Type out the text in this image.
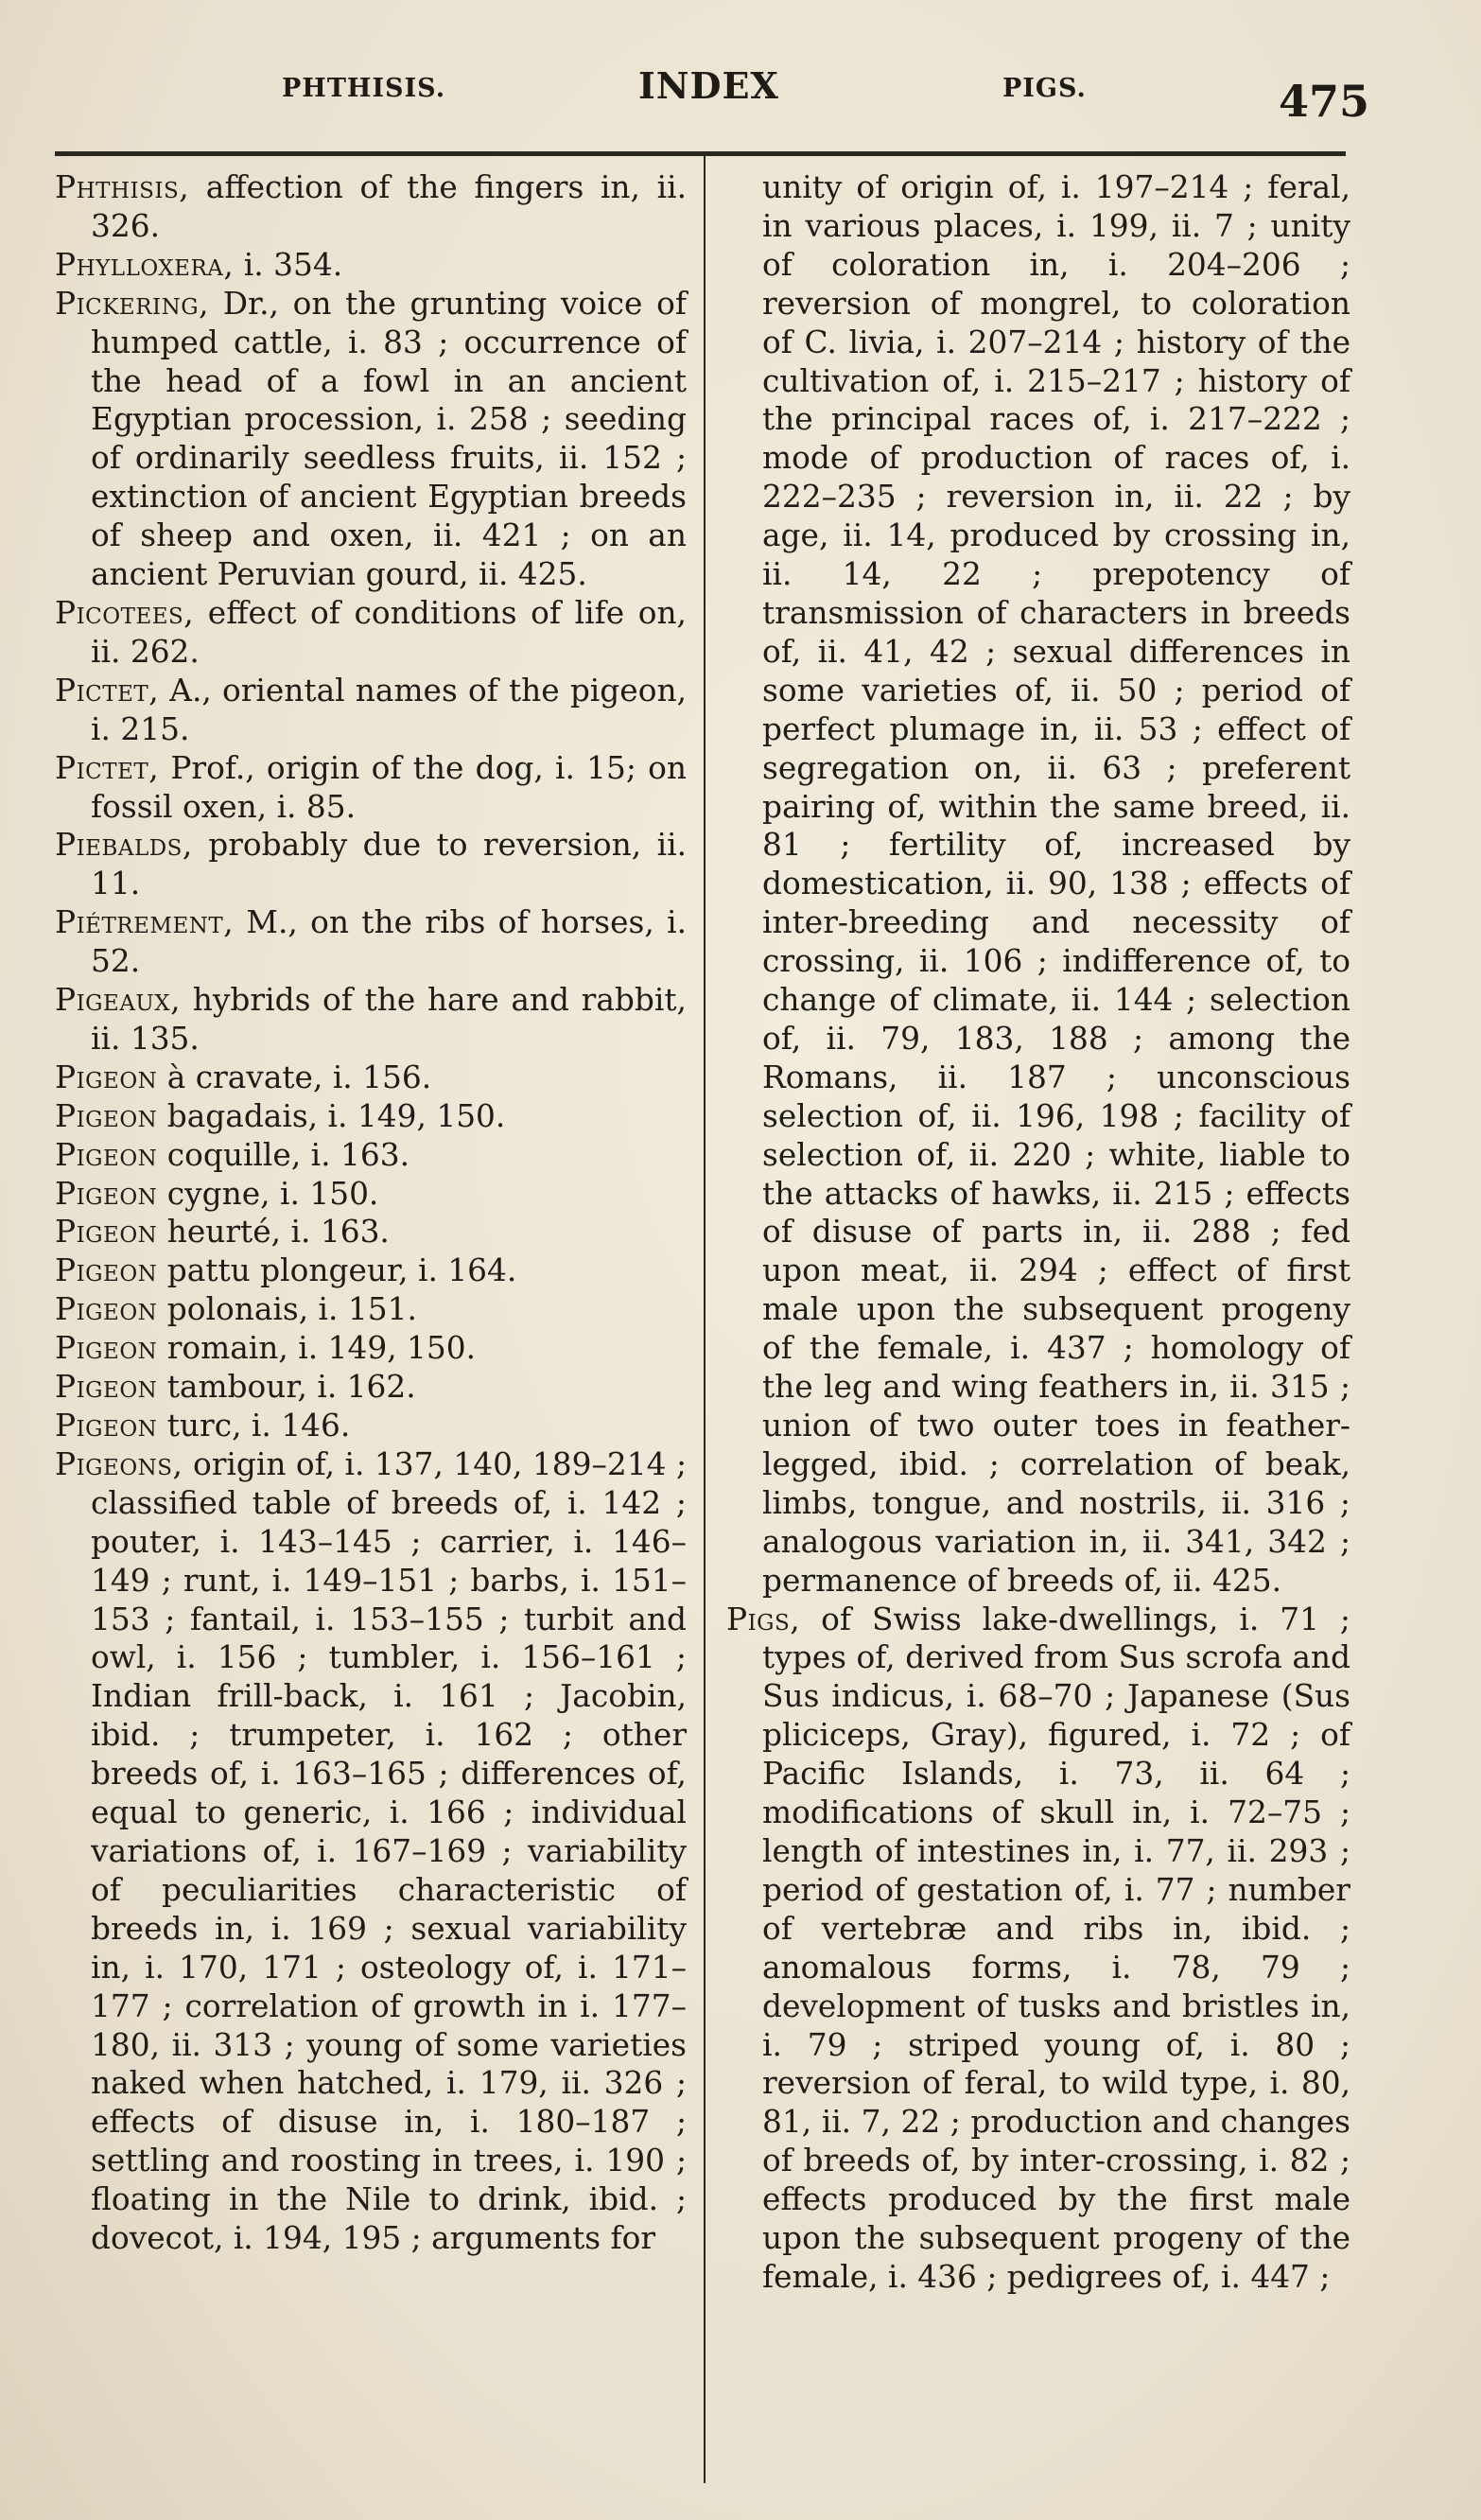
PHTHISIS.	INDEX	PIGS.	475

Phthisis, affection of the fingers in, ii. 326.

Phylloxera, i. 354.

Pickering, Dr., on the grunting voice of humped cattle, i. 83 ; occurrence of the head of a fowl in an ancient Egyptian procession, i. 258 ; seeding of ordinarily seedless fruits, ii. 152 ; extinction of ancient Egyptian breeds of sheep and oxen, ii. 421 ; on an ancient Peruvian gourd, ii. 425.

Picotees, effect of conditions of life on, ii. 262.

Pictet, A., oriental names of the pigeon, i. 215.

Pictet, Prof., origin of the dog, i. 15; on fossil oxen, i. 85.

Piebalds, probably due to reversion, ii. 11.

Piétrement, M., on the ribs of horses, i. 52.

Pigeaux, hybrids of the hare and rabbit, ii. 135.

Pigeon à cravate, i. 156.

Pigeon bagadais, i. 149, 150.

Pigeon coquille, i. 163.

Pigeon cygne, i. 150.

Pigeon heurté, i. 163.

Pigeon pattu plongeur, i. 164.

Pigeon polonais, i. 151.

Pigeon romain, i. 149, 150.

Pigeon tambour, i. 162.

Pigeon turc, i. 146.

Pigeons, origin of, i. 137, 140, 189–214 ; classified table of breeds of, i. 142 ; pouter, i. 143–145 ; carrier, i. 146–149 ; runt, i. 149–151 ; barbs, i. 151–153 ; fantail, i. 153–155 ; turbit and owl, i. 156 ; tumbler, i. 156–161 ; Indian frill-back, i. 161 ; Jacobin, ibid. ; trumpeter, i. 162 ; other breeds of, i. 163–165 ; differences of, equal to generic, i. 166 ; individual variations of, i. 167–169 ; variability of peculiarities characteristic of breeds in, i. 169 ; sexual variability in, i. 170, 171 ; osteology of, i. 171–177 ; correlation of growth in i. 177–180, ii. 313 ; young of some varieties naked when hatched, i. 179, ii. 326 ; effects of disuse in, i. 180–187 ; settling and roosting in trees, i. 190 ; floating in the Nile to drink, ibid. ; dovecot, i. 194, 195 ; arguments for

unity of origin of, i. 197–214 ; feral, in various places, i. 199, ii. 7 ; unity of coloration in, i. 204–206 ; reversion of mongrel, to coloration of C. livia, i. 207–214 ; history of the cultivation of, i. 215–217 ; history of the principal races of, i. 217–222 ; mode of production of races of, i. 222–235 ; reversion in, ii. 22 ; by age, ii. 14, produced by crossing in, ii. 14, 22 ; prepotency of transmission of characters in breeds of, ii. 41, 42 ; sexual differences in some varieties of, ii. 50 ; period of perfect plumage in, ii. 53 ; effect of segregation on, ii. 63 ; preferent pairing of, within the same breed, ii. 81 ; fertility of, increased by domestication, ii. 90, 138 ; effects of inter-breeding and necessity of crossing, ii. 106 ; indifference of, to change of climate, ii. 144 ; selection of, ii. 79, 183, 188 ; among the Romans, ii. 187 ; unconscious selection of, ii. 196, 198 ; facility of selection of, ii. 220 ; white, liable to the attacks of hawks, ii. 215 ; effects of disuse of parts in, ii. 288 ; fed upon meat, ii. 294 ; effect of first male upon the subsequent progeny of the female, i. 437 ; homology of the leg and wing feathers in, ii. 315 ; union of two outer toes in feather-legged, ibid. ; correlation of beak, limbs, tongue, and nostrils, ii. 316 ; analogous variation in, ii. 341, 342 ; permanence of breeds of, ii. 425.

Pigs, of Swiss lake-dwellings, i. 71 ; types of, derived from Sus scrofa and Sus indicus, i. 68–70 ; Japanese (Sus pliciceps, Gray), figured, i. 72 ; of Pacific Islands, i. 73, ii. 64 ; modifications of skull in, i. 72–75 ; length of intestines in, i. 77, ii. 293 ; period of gestation of, i. 77 ; number of vertebræ and ribs in, ibid. ; anomalous forms, i. 78, 79 ; development of tusks and bristles in, i. 79 ; striped young of, i. 80 ; reversion of feral, to wild type, i. 80, 81, ii. 7, 22 ; production and changes of breeds of, by inter-crossing, i. 82 ; effects produced by the first male upon the subsequent progeny of the female, i. 436 ; pedigrees of, i. 447 ;
